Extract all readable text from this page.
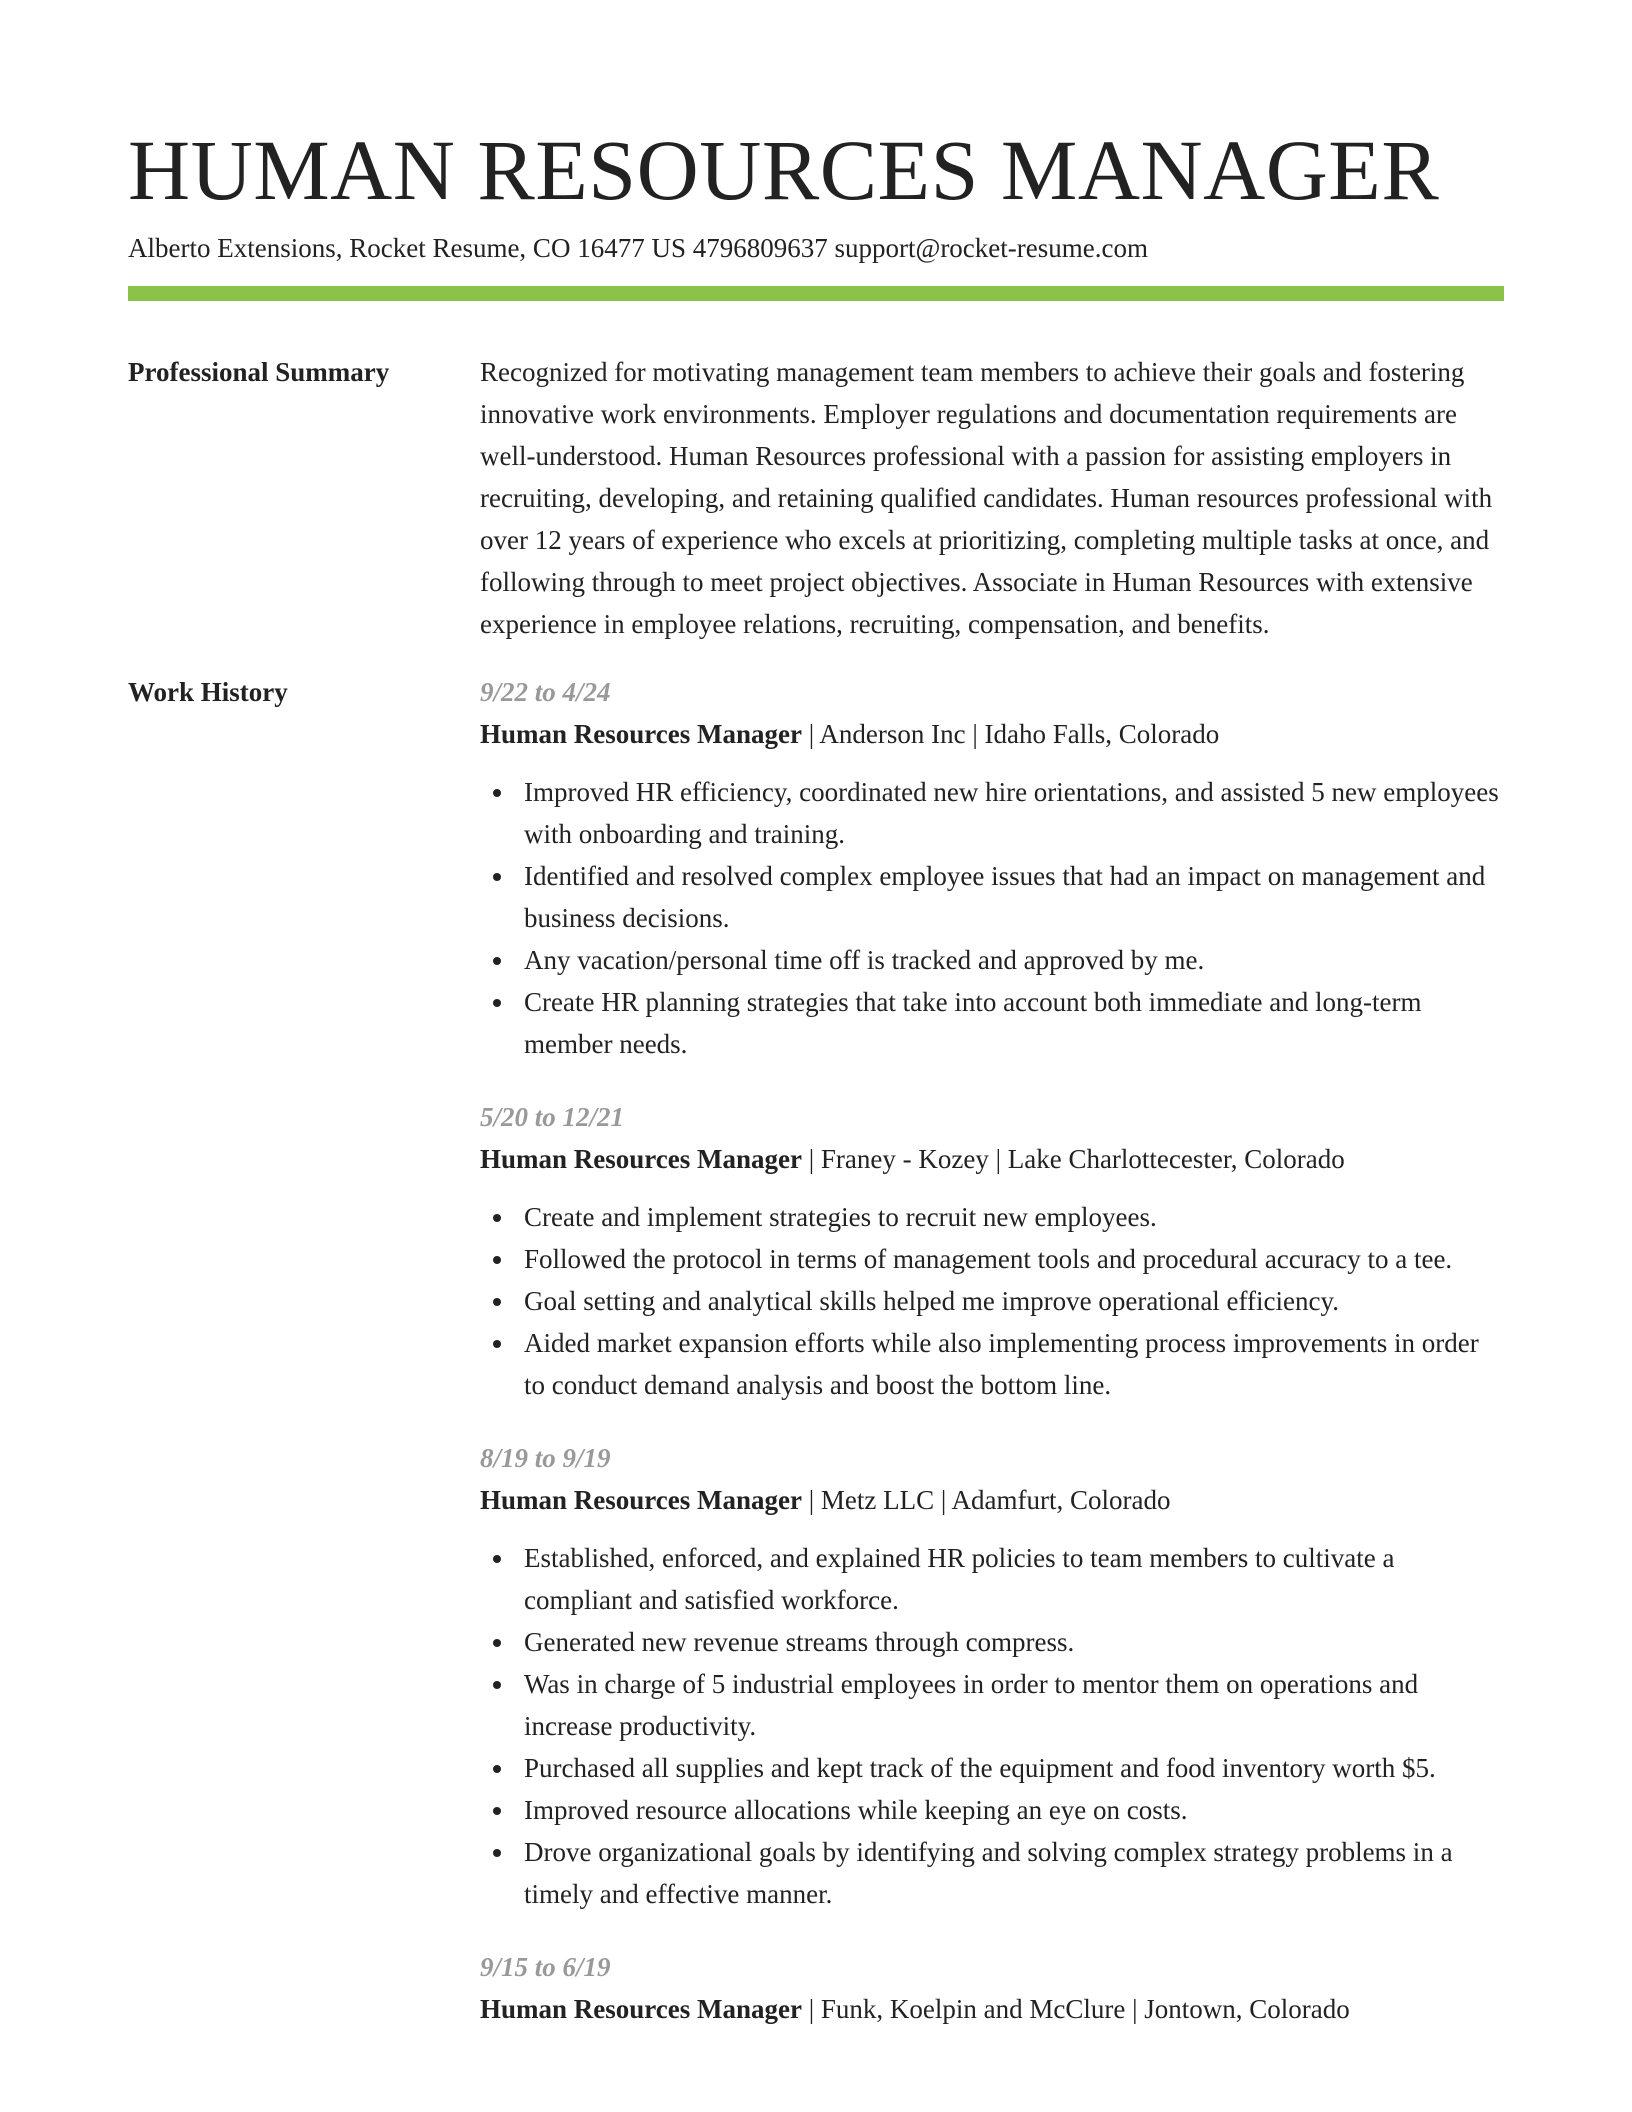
HUMAN RESOURCES MANAGER
Alberto Extensions, Rocket Resume, CO 16477 US 4796809637 support@rocket-resume.com
Professional Summary	Recognized for motivating management team members to achieve their goals and fostering innovative work environments. Employer regulations and documentation requirements are well-understood. Human Resources professional with a passion for assisting employers in recruiting, developing, and retaining qualified candidates. Human resources professional with over 12 years of experience who excels at prioritizing, completing multiple tasks at once, and following through to meet project objectives. Associate in Human Resources with extensive experience in employee relations, recruiting, compensation, and benefits.
Work History	9/22 to 4/24
Human Resources Manager | Anderson Inc | Idaho Falls, Colorado
Improved HR efficiency, coordinated new hire orientations, and assisted 5 new employees with onboarding and training.
Identified and resolved complex employee issues that had an impact on management and business decisions.
Any vacation/personal time off is tracked and approved by me.
Create HR planning strategies that take into account both immediate and long-term member needs.
5/20 to 12/21
Human Resources Manager | Franey - Kozey | Lake Charlottecester, Colorado
Create and implement strategies to recruit new employees.
Followed the protocol in terms of management tools and procedural accuracy to a tee.
Goal setting and analytical skills helped me improve operational efficiency.
Aided market expansion efforts while also implementing process improvements in order to conduct demand analysis and boost the bottom line.
8/19 to 9/19
Human Resources Manager | Metz LLC | Adamfurt, Colorado
Established, enforced, and explained HR policies to team members to cultivate a compliant and satisfied workforce.
Generated new revenue streams through compress.
Was in charge of 5 industrial employees in order to mentor them on operations and increase productivity.
Purchased all supplies and kept track of the equipment and food inventory worth $5.
Improved resource allocations while keeping an eye on costs.
Drove organizational goals by identifying and solving complex strategy problems in a timely and effective manner.
9/15 to 6/19
Human Resources Manager | Funk, Koelpin and McClure | Jontown, Colorado
